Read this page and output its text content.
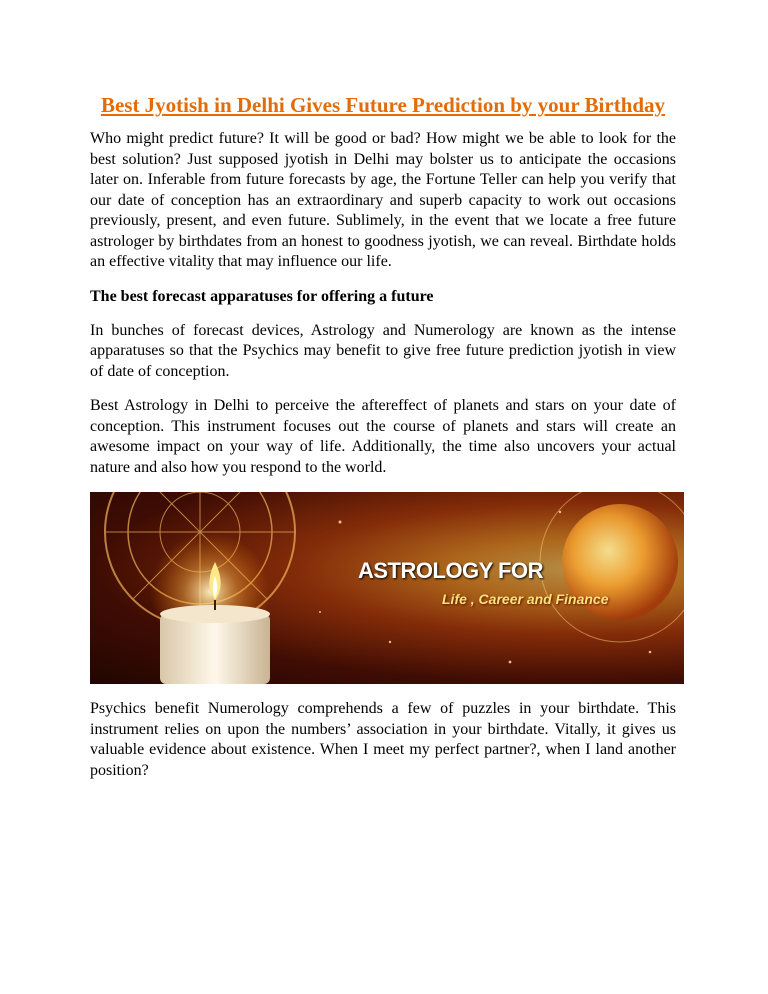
Best Jyotish in Delhi Gives Future Prediction by your Birthday

Who might predict future? It will be good or bad? How might we be able to look for the best solution? Just supposed jyotish in Delhi may bolster us to anticipate the occasions later on. Inferable from future forecasts by age, the Fortune Teller can help you verify that our date of conception has an extraordinary and superb capacity to work out occasions previously, present, and even future. Sublimely, in the event that we locate a free future astrologer by birthdates from an honest to goodness jyotish, we can reveal. Birthdate holds an effective vitality that may influence our life.

The best forecast apparatuses for offering a future

In bunches of forecast devices, Astrology and Numerology are known as the intense apparatuses so that the Psychics may benefit to give free future prediction jyotish in view of date of conception.

Best Astrology in Delhi to perceive the aftereffect of planets and stars on your date of conception. This instrument focuses out the course of planets and stars will create an awesome impact on your way of life. Additionally, the time also uncovers your actual nature and also how you respond to the world.

ASTROLOGY FOR
Life , Career and Finance

Psychics benefit Numerology comprehends a few of puzzles in your birthdate. This instrument relies on upon the numbers’ association in your birthdate. Vitally, it gives us valuable evidence about existence. When I meet my perfect partner?, when I land another position?
